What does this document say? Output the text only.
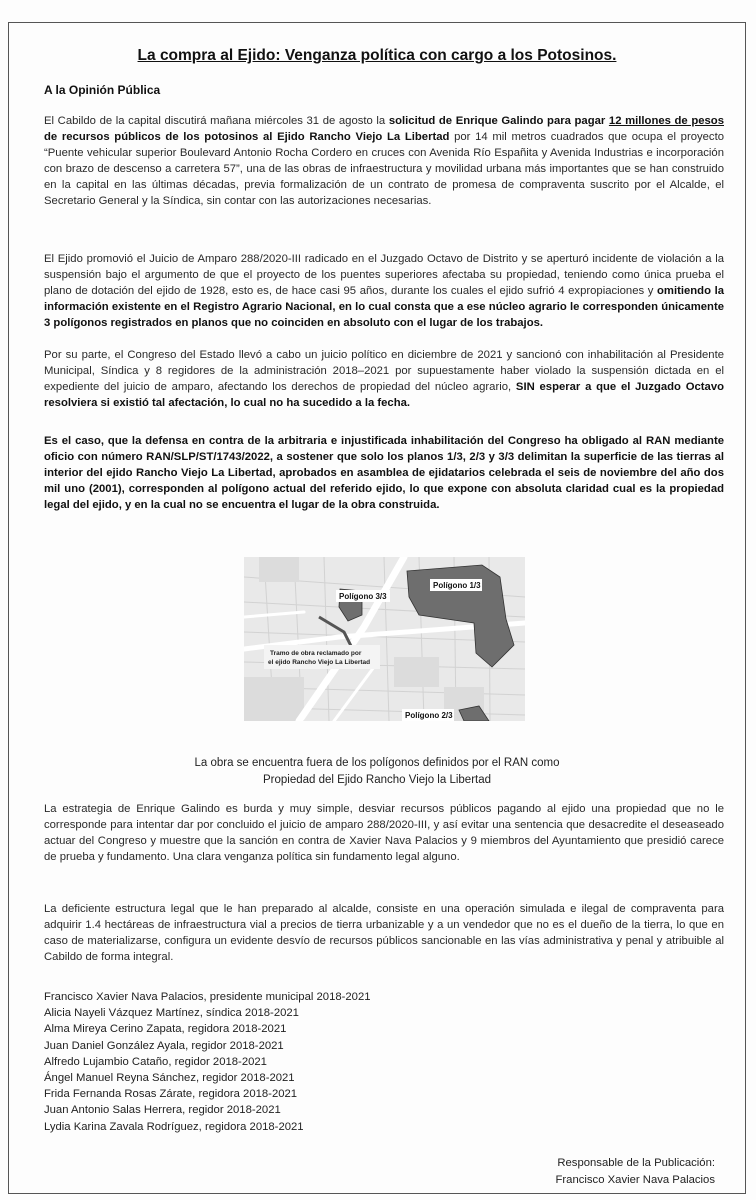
La compra al Ejido: Venganza política con cargo a los Potosinos.
A la Opinión Pública
El Cabildo de la capital discutirá mañana miércoles 31 de agosto la solicitud de Enrique Galindo para pagar 12 millones de pesos de recursos públicos de los potosinos al Ejido Rancho Viejo La Libertad por 14 mil metros cuadrados que ocupa el proyecto “Puente vehicular superior Boulevard Antonio Rocha Cordero en cruces con Avenida Río Españita y Avenida Industrias e incorporación con brazo de descenso a carretera 57”, una de las obras de infraestructura y movilidad urbana más importantes que se han construido en la capital en las últimas décadas, previa formalización de un contrato de promesa de compraventa suscrito por el Alcalde, el Secretario General y la Síndica, sin contar con las autorizaciones necesarias.
El Ejido promovió el Juicio de Amparo 288/2020-III radicado en el Juzgado Octavo de Distrito y se aperturó incidente de violación a la suspensión bajo el argumento de que el proyecto de los puentes superiores afectaba su propiedad, teniendo como única prueba el plano de dotación del ejido de 1928, esto es, de hace casi 95 años, durante los cuales el ejido sufrió 4 expropiaciones y omitiendo la información existente en el Registro Agrario Nacional, en lo cual consta que a ese núcleo agrario le corresponden únicamente 3 polígonos registrados en planos que no coinciden en absoluto con el lugar de los trabajos.
Por su parte, el Congreso del Estado llevó a cabo un juicio político en diciembre de 2021 y sancionó con inhabilitación al Presidente Municipal, Síndica y 8 regidores de la administración 2018–2021 por supuestamente haber violado la suspensión dictada en el expediente del juicio de amparo, afectando los derechos de propiedad del núcleo agrario, SIN esperar a que el Juzgado Octavo resolviera si existió tal afectación, lo cual no ha sucedido a la fecha.
Es el caso, que la defensa en contra de la arbitraria e injustificada inhabilitación del Congreso ha obligado al RAN mediante oficio con número RAN/SLP/ST/1743/2022, a sostener que solo los planos 1/3, 2/3 y 3/3 delimitan la superficie de las tierras al interior del ejido Rancho Viejo La Libertad, aprobados en asamblea de ejidatarios celebrada el seis de noviembre del año dos mil uno (2001), corresponden al polígono actual del referido ejido, lo que expone con absoluta claridad cual es la propiedad legal del ejido, y en la cual no se encuentra el lugar de la obra construida.
Polígono 3/3
Polígono 1/3
Polígono 2/3
Tramo de obra reclamado por
el ejido Rancho Viejo La Libertad
La obra se encuentra fuera de los polígonos definidos por el RAN como
Propiedad del Ejido Rancho Viejo la Libertad
La estrategia de Enrique Galindo es burda y muy simple, desviar recursos públicos pagando al ejido una propiedad que no le corresponde para intentar dar por concluido el juicio de amparo 288/2020-III, y así evitar una sentencia que desacredite el deseaseado actuar del Congreso y muestre que la sanción en contra de Xavier Nava Palacios y 9 miembros del Ayuntamiento que presidió carece de prueba y fundamento. Una clara venganza política sin fundamento legal alguno.
La deficiente estructura legal que le han preparado al alcalde, consiste en una operación simulada e ilegal de compraventa para adquirir 1.4 hectáreas de infraestructura vial a precios de tierra urbanizable y a un vendedor que no es el dueño de la tierra, lo que en caso de materializarse, configura un evidente desvío de recursos públicos sancionable en las vías administrativa y penal y atribuible al Cabildo de forma integral.
Francisco Xavier Nava Palacios, presidente municipal 2018-2021
Alicia Nayeli Vázquez Martínez, síndica 2018-2021
Alma Mireya Cerino Zapata, regidora 2018-2021
Juan Daniel González Ayala, regidor 2018-2021
Alfredo Lujambio Cataño, regidor 2018-2021
Ángel Manuel Reyna Sánchez, regidor 2018-2021
Frida Fernanda Rosas Zárate, regidora 2018-2021
Juan Antonio Salas Herrera, regidor 2018-2021
Lydia Karina Zavala Rodríguez, regidora 2018-2021
Responsable de la Publicación:
Francisco Xavier Nava Palacios
